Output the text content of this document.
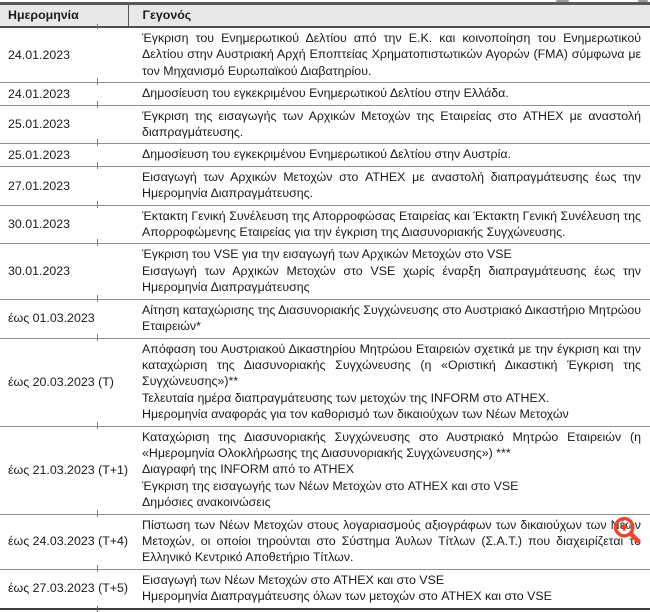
Ημερομηνία	Γεγονός
24.01.2023	Έγκριση του Ενημερωτικού Δελτίου από την Ε.Κ. και κοινοποίηση του Ενημερωτικού Δελτίου στην Αυστριακή Αρχή Εποπτείας Χρηματοπιστωτικών Αγορών (FMA) σύμφωνα με τον Μηχανισμό Ευρωπαϊκού Διαβατηρίου.

24.01.2023	Δημοσίευση του εγκεκριμένου Ενημερωτικού Δελτίου στην Ελλάδα.

25.01.2023	Έγκριση της εισαγωγής των Αρχικών Μετοχών της Εταιρείας στο ATHEX με αναστολή διαπραγμάτευσης.

25.01.2023	Δημοσίευση του εγκεκριμένου Ενημερωτικού Δελτίου στην Αυστρία.

27.01.2023	Εισαγωγή των Αρχικών Μετοχών στο ATHEX με αναστολή διαπραγμάτευσης έως την Ημερομηνία Διαπραγμάτευσης.

30.01.2023	Έκτακτη Γενική Συνέλευση της Απορροφώσας Εταιρείας και Έκτακτη Γενική Συνέλευση της Απορροφώμενης Εταιρείας για την έγκριση της Διασυνοριακής Συγχώνευσης.

30.01.2023	Έγκριση του VSE για την εισαγωγή των Αρχικών Μετοχών στο VSE
Εισαγωγή των Αρχικών Μετοχών στο VSE χωρίς έναρξη διαπραγμάτευσης έως την Ημερομηνία Διαπραγμάτευσης

έως 01.03.2023	Αίτηση καταχώρισης της Διασυνοριακής Συγχώνευσης στο Αυστριακό Δικαστήριο Μητρώου Εταιρειών*

έως 20.03.2023 (T)	Απόφαση του Αυστριακού Δικαστηρίου Μητρώου Εταιρειών σχετικά με την έγκριση και την καταχώριση της Διασυνοριακής Συγχώνευσης (η «Οριστική Δικαστική Έγκριση της Συγχώνευσης»)**
Τελευταία ημέρα διαπραγμάτευσης των μετοχών της INFORM στο ATHEX.
Ημερομηνία αναφοράς για τον καθορισμό των δικαιούχων των Νέων Μετοχών

έως 21.03.2023 (T+1)	Καταχώριση της Διασυνοριακής Συγχώνευσης στο Αυστριακό Μητρώο Εταιρειών (η «Ημερομηνία Ολοκλήρωσης της Διασυνοριακής Συγχώνευσης») ***
Διαγραφή της INFORM από το ATHEX
Έγκριση της εισαγωγής των Νέων Μετοχών στο ATHEX και στο VSE
Δημόσιες ανακοινώσεις

έως 24.03.2023 (T+4)	Πίστωση των Νέων Μετοχών στους λογαριασμούς αξιογράφων των δικαιούχων των Νέων Μετοχών, οι οποίοι τηρούνται στο Σύστημα Άυλων Τίτλων (Σ.Α.Τ.) που διαχειρίζεται το Ελληνικό Κεντρικό Αποθετήριο Τίτλων.

έως 27.03.2023 (T+5)	Εισαγωγή των Νέων Μετοχών στο ATHEX και στο VSE
Ημερομηνία Διαπραγμάτευσης όλων των μετοχών στο ATHEX και στο VSE
